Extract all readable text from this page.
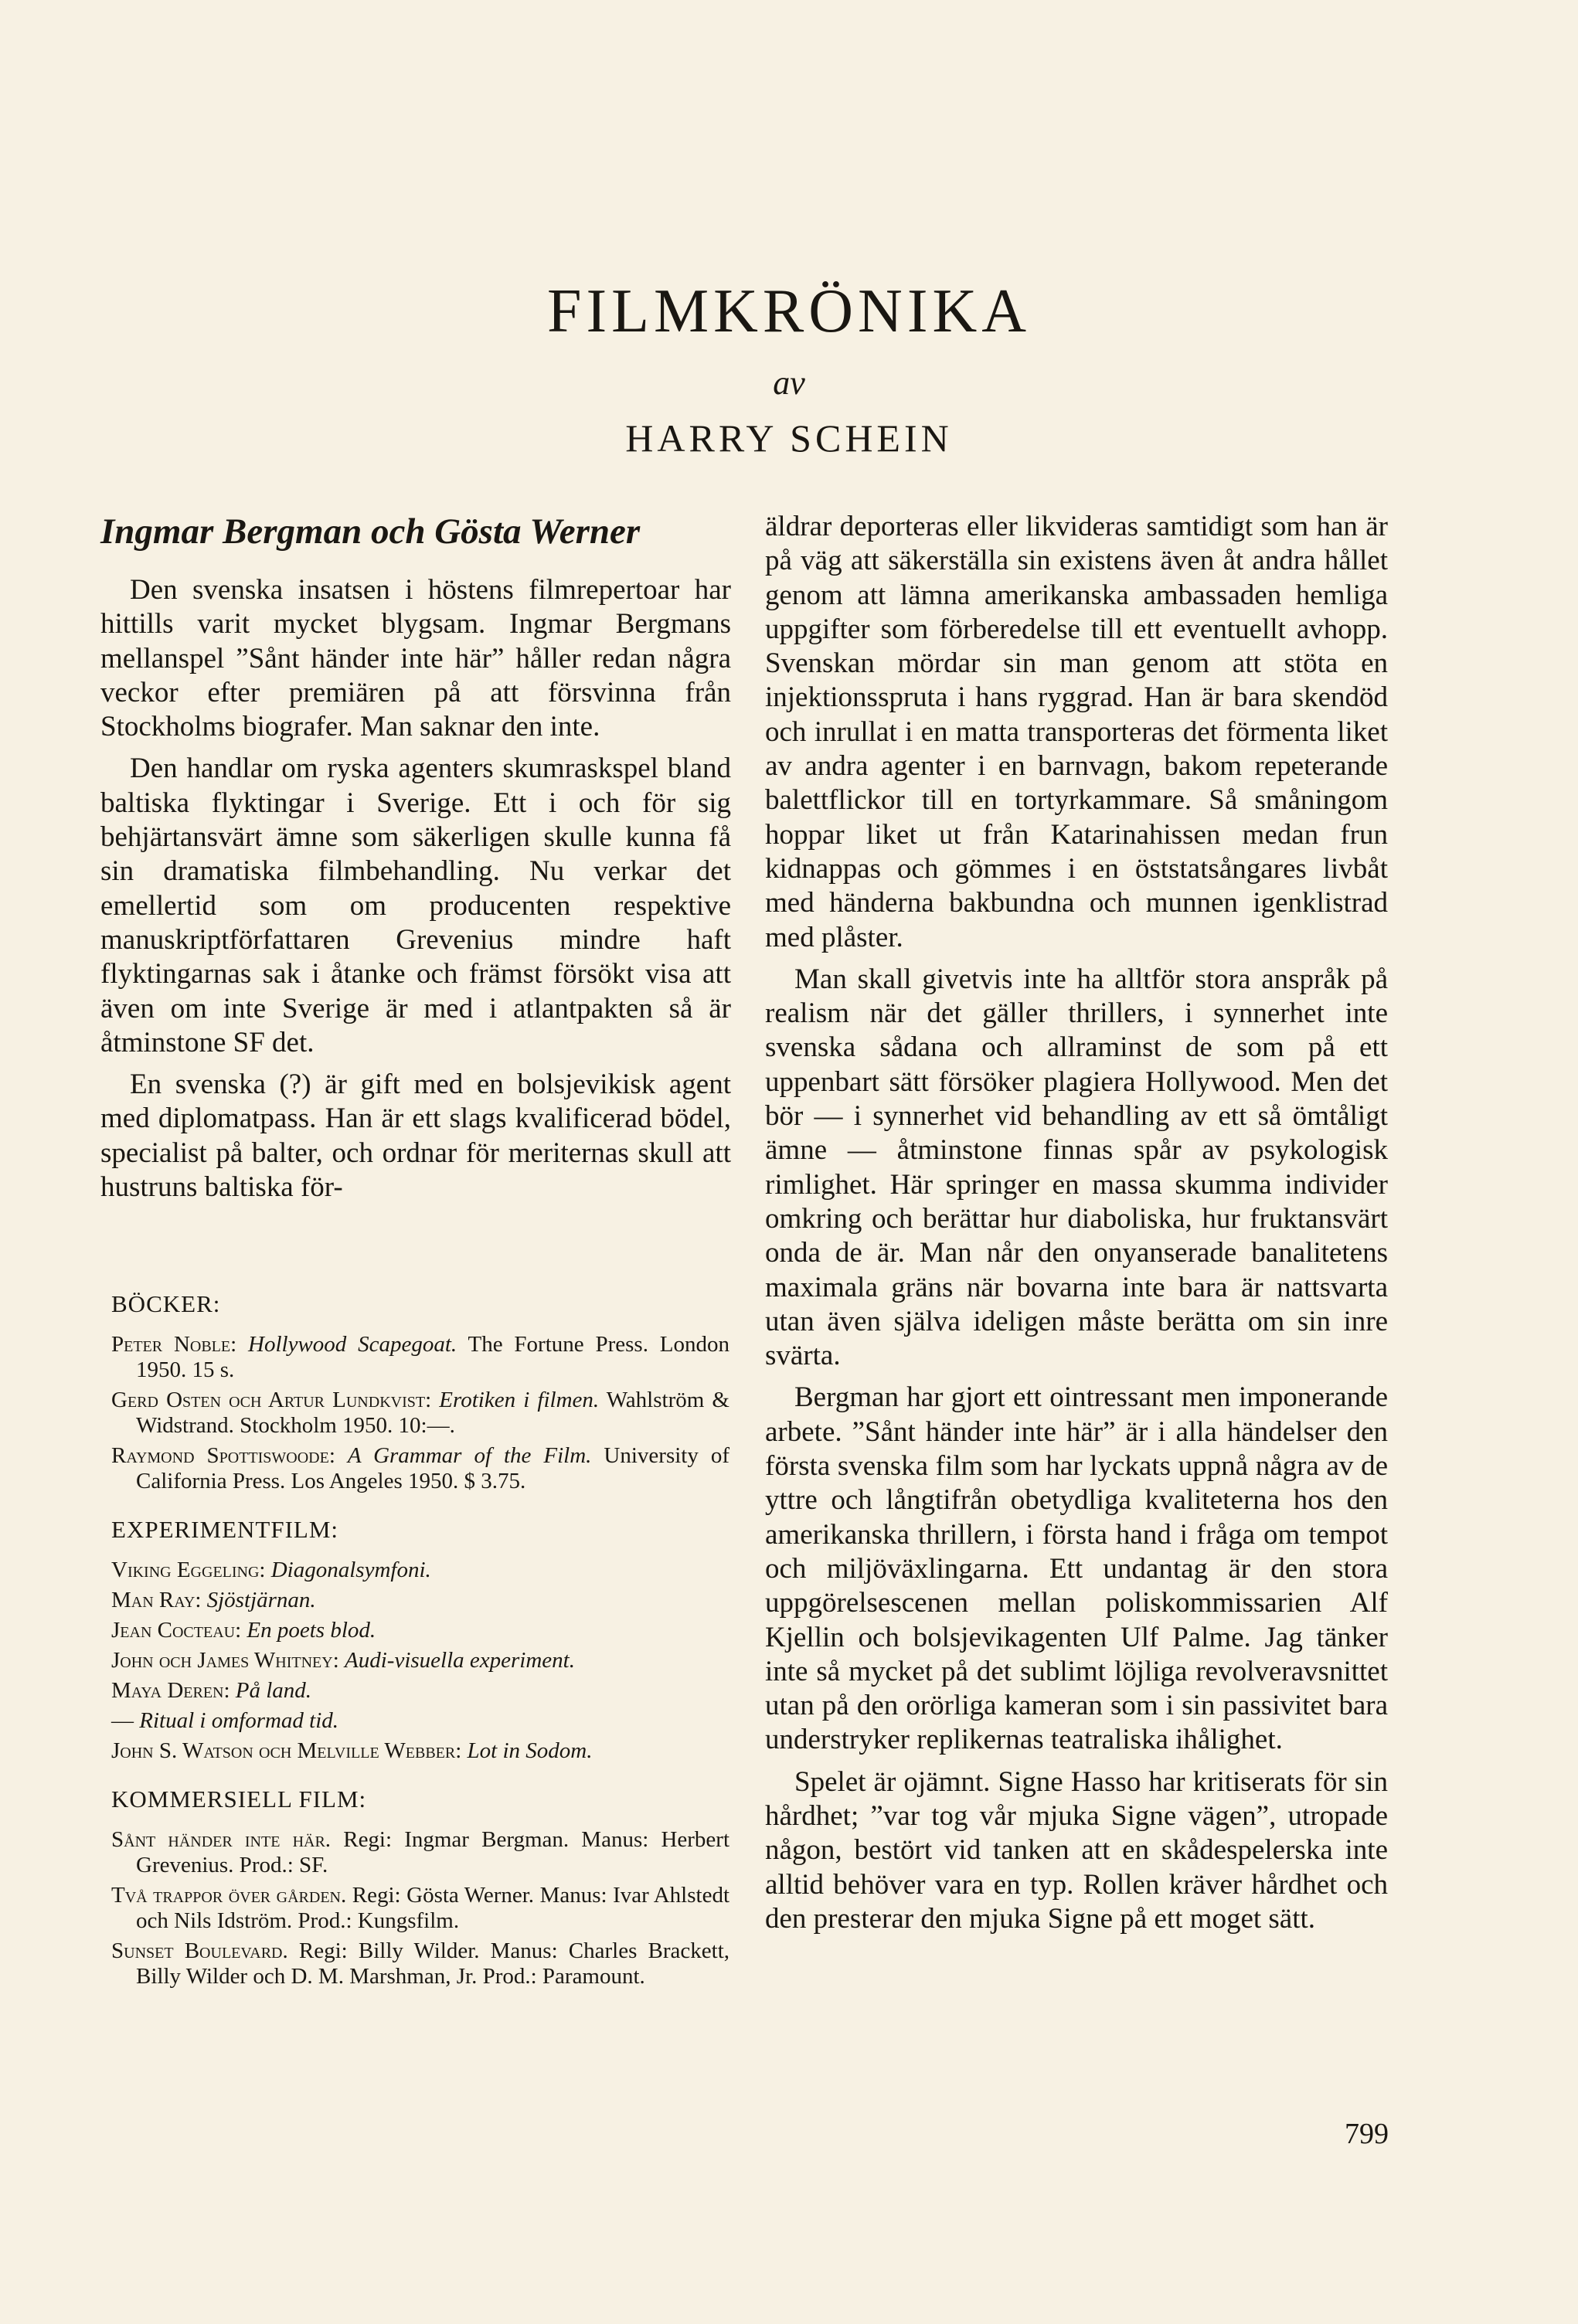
FILMKRÖNIKA
av
HARRY SCHEIN
Ingmar Bergman och Gösta Werner

Den svenska insatsen i höstens filmrepertoar har hittills varit mycket blygsam. Ingmar Bergmans mellanspel ”Sånt händer inte här” håller redan några veckor efter premiären på att försvinna från Stockholms biografer. Man saknar den inte.

Den handlar om ryska agenters skumraskspel bland baltiska flyktingar i Sverige. Ett i och för sig behjärtansvärt ämne som säkerligen skulle kunna få sin dramatiska filmbehandling. Nu verkar det emellertid som om producenten respektive manuskriptförfattaren Grevenius mindre haft flyktingarnas sak i åtanke och främst försökt visa att även om inte Sverige är med i atlantpakten så är åtminstone SF det.

En svenska (?) är gift med en bolsjevikisk agent med diplomatpass. Han är ett slags kvalificerad bödel, specialist på balter, och ordnar för meriternas skull att hustruns baltiska för-

BÖCKER:
Peter Noble: Hollywood Scapegoat. The Fortune Press. London 1950. 15 s.
Gerd Osten och Artur Lundkvist: Erotiken i filmen. Wahlström & Widstrand. Stockholm 1950. 10:—.
Raymond Spottiswoode: A Grammar of the Film. University of California Press. Los Angeles 1950. $ 3.75.
EXPERIMENTFILM:
Viking Eggeling: Diagonalsymfoni.
Man Ray: Sjöstjärnan.
Jean Cocteau: En poets blod.
John och James Whitney: Audi-visuella experiment.
Maya Deren: På land.
— Ritual i omformad tid.
John S. Watson och Melville Webber: Lot in Sodom.
KOMMERSIELL FILM:
Sånt händer inte här. Regi: Ingmar Bergman. Manus: Herbert Grevenius. Prod.: SF.
Två trappor över gården. Regi: Gösta Werner. Manus: Ivar Ahlstedt och Nils Idström. Prod.: Kungsfilm.
Sunset Boulevard. Regi: Billy Wilder. Manus: Charles Brackett, Billy Wilder och D. M. Marshman, Jr. Prod.: Paramount.

äldrar deporteras eller likvideras samtidigt som han är på väg att säkerställa sin existens även åt andra hållet genom att lämna amerikanska ambassaden hemliga uppgifter som förberedelse till ett eventuellt avhopp. Svenskan mördar sin man genom att stöta en injektionsspruta i hans ryggrad. Han är bara skendöd och inrullat i en matta transporteras det förmenta liket av andra agenter i en barnvagn, bakom repeterande balettflickor till en tortyrkammare. Så småningom hoppar liket ut från Katarinahissen medan frun kidnappas och gömmes i en öststatsångares livbåt med händerna bakbundna och munnen igenklistrad med plåster.

Man skall givetvis inte ha alltför stora anspråk på realism när det gäller thrillers, i synnerhet inte svenska sådana och allraminst de som på ett uppenbart sätt försöker plagiera Hollywood. Men det bör — i synnerhet vid behandling av ett så ömtåligt ämne — åtminstone finnas spår av psykologisk rimlighet. Här springer en massa skumma individer omkring och berättar hur diaboliska, hur fruktansvärt onda de är. Man når den onyanserade banalitetens maximala gräns när bovarna inte bara är nattsvarta utan även själva ideligen måste berätta om sin inre svärta.

Bergman har gjort ett ointressant men imponerande arbete. ”Sånt händer inte här” är i alla händelser den första svenska film som har lyckats uppnå några av de yttre och långtifrån obetydliga kvaliteterna hos den amerikanska thrillern, i första hand i fråga om tempot och miljöväxlingarna. Ett undantag är den stora uppgörelsescenen mellan poliskommissarien Alf Kjellin och bolsjevikagenten Ulf Palme. Jag tänker inte så mycket på det sublimt löjliga revolveravsnittet utan på den orörliga kameran som i sin passivitet bara understryker replikernas teatraliska ihålighet.

Spelet är ojämnt. Signe Hasso har kritiserats för sin hårdhet; ”var tog vår mjuka Signe vägen”, utropade någon, bestört vid tanken att en skådespelerska inte alltid behöver vara en typ. Rollen kräver hårdhet och den presterar den mjuka Signe på ett moget sätt.

799
